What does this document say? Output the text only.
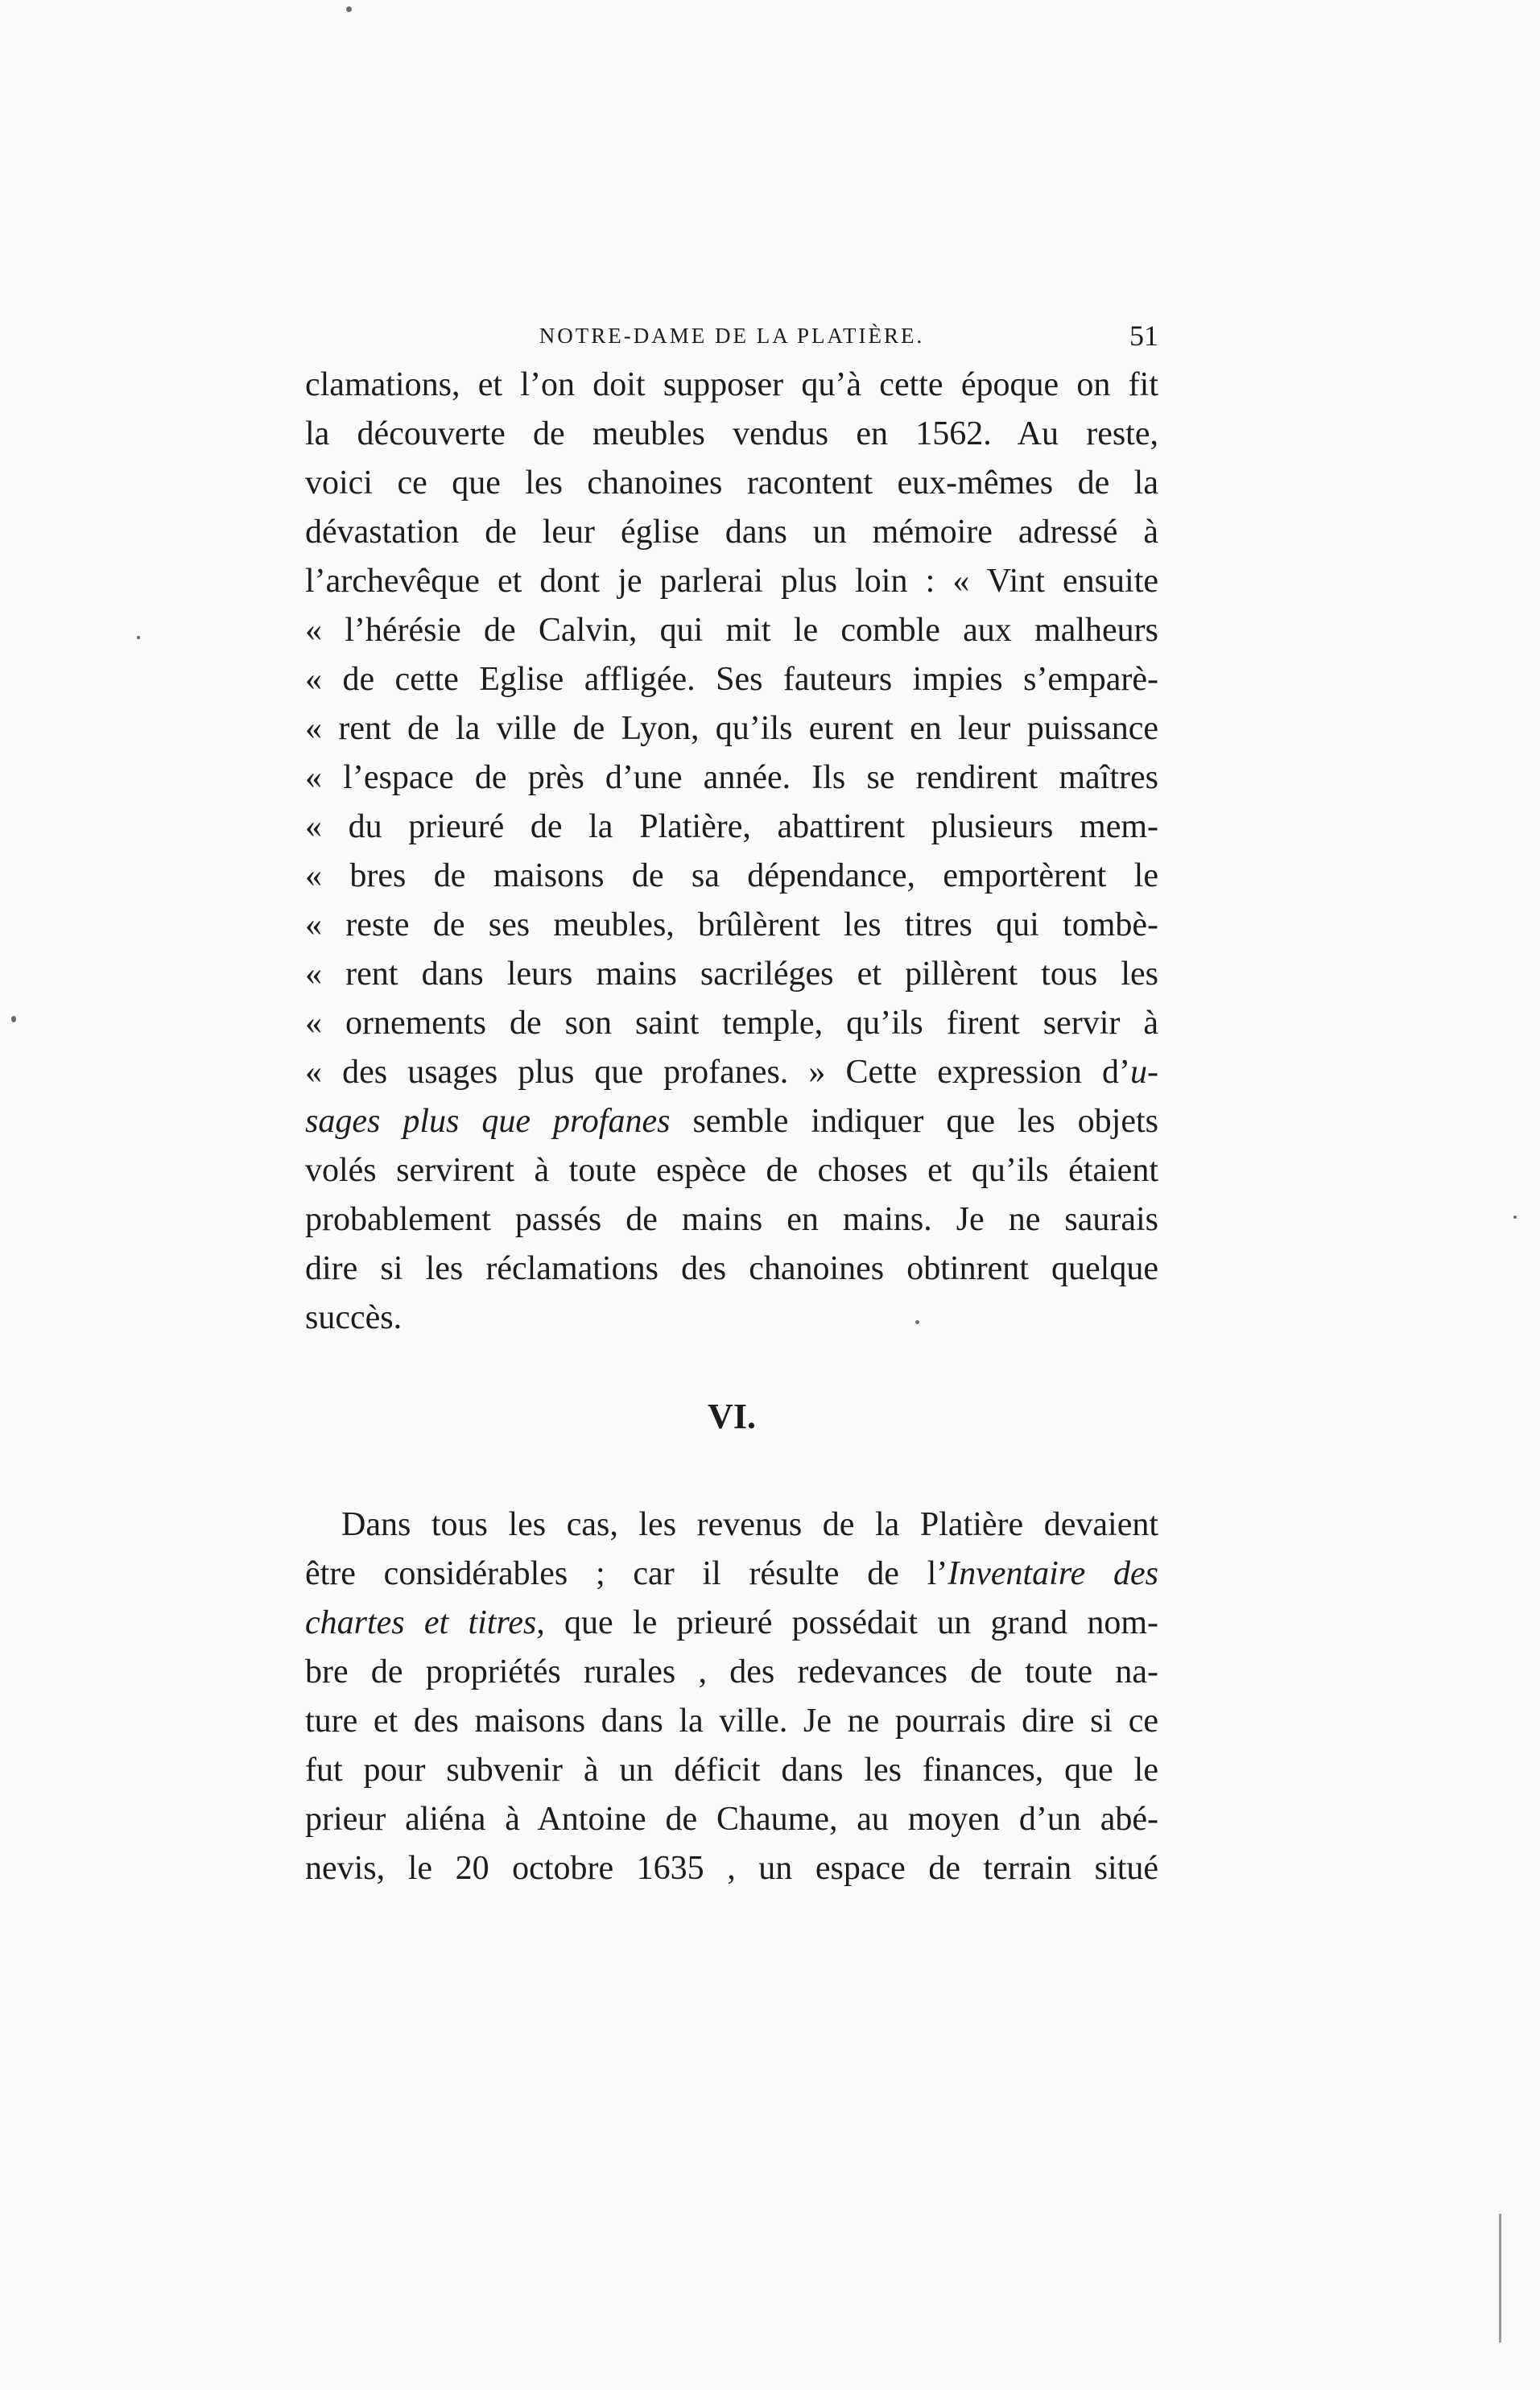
NOTRE-DAME DE LA PLATIÈRE.	51
clamations, et l’on doit supposer qu’à cette époque on fit
la découverte de meubles vendus en 1562. Au reste,
voici ce que les chanoines racontent eux-mêmes de la
dévastation de leur église dans un mémoire adressé à
l’archevêque et dont je parlerai plus loin : « Vint ensuite
« l’hérésie de Calvin, qui mit le comble aux malheurs
« de cette Eglise affligée. Ses fauteurs impies s’emparè-
« rent de la ville de Lyon, qu’ils eurent en leur puissance
« l’espace de près d’une année. Ils se rendirent maîtres
« du prieuré de la Platière, abattirent plusieurs mem-
« bres de maisons de sa dépendance, emportèrent le
« reste de ses meubles, brûlèrent les titres qui tombè-
« rent dans leurs mains sacriléges et pillèrent tous les
« ornements de son saint temple, qu’ils firent servir à
« des usages plus que profanes. » Cette expression d’u-
sages plus que profanes semble indiquer que les objets
volés servirent à toute espèce de choses et qu’ils étaient
probablement passés de mains en mains. Je ne saurais
dire si les réclamations des chanoines obtinrent quelque
succès.
VI.
Dans tous les cas, les revenus de la Platière devaient
être considérables ; car il résulte de l’Inventaire des
chartes et titres, que le prieuré possédait un grand nom-
bre de propriétés rurales , des redevances de toute na-
ture et des maisons dans la ville. Je ne pourrais dire si ce
fut pour subvenir à un déficit dans les finances, que le
prieur aliéna à Antoine de Chaume, au moyen d’un abé-
nevis, le 20 octobre 1635 , un espace de terrain situé
